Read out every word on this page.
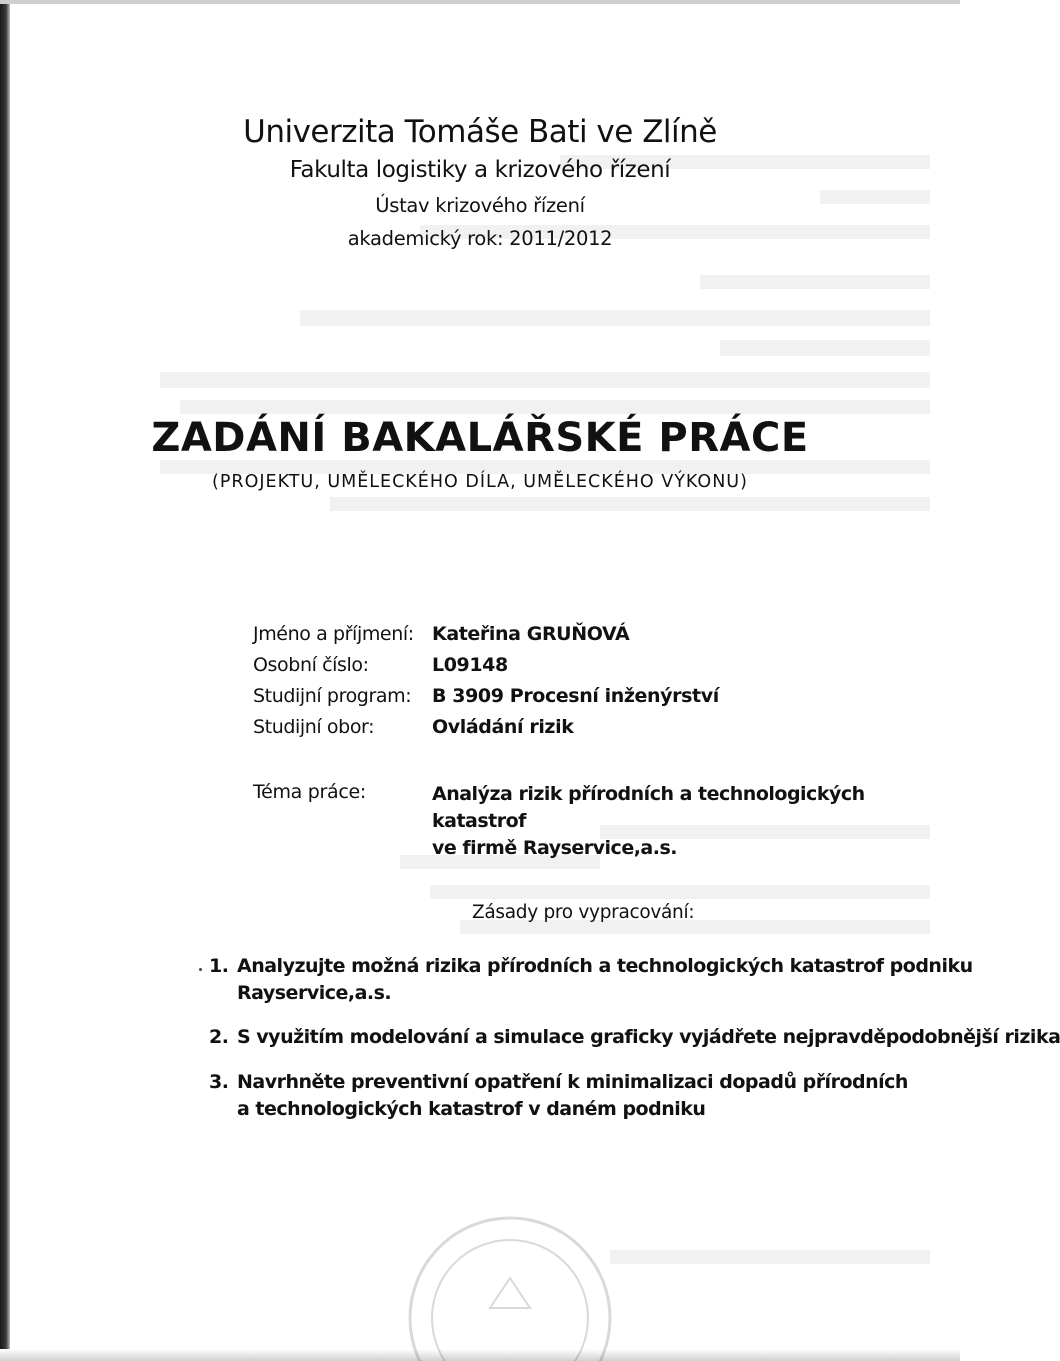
Univerzita Tomáše Bati ve Zlíně
Fakulta logistiky a krizového řízení
Ústav krizového řízení
akademický rok: 2011/2012
ZADÁNÍ BAKALÁŘSKÉ PRÁCE
(PROJEKTU, UMĚLECKÉHO DÍLA, UMĚLECKÉHO VÝKONU)
Jméno a příjmení: Kateřina GRUŇOVÁ
Osobní číslo:	L09148
Studijní program: B 3909 Procesní inženýrství
Studijní obor:	Ovládání rizik
Téma práce:	Analýza rizik přírodních a technologických katastrof
ve firmě Rayservice,a.s.
Zásady pro vypracování:
1. Analyzujte možná rizika přírodních a technologických katastrof podniku
Rayservice,a.s.
2. S využitím modelování a simulace graficky vyjádřete nejpravděpodobnější rizika
3. Navrhněte preventivní opatření k minimalizaci dopadů přírodních
a technologických katastrof v daném podniku
